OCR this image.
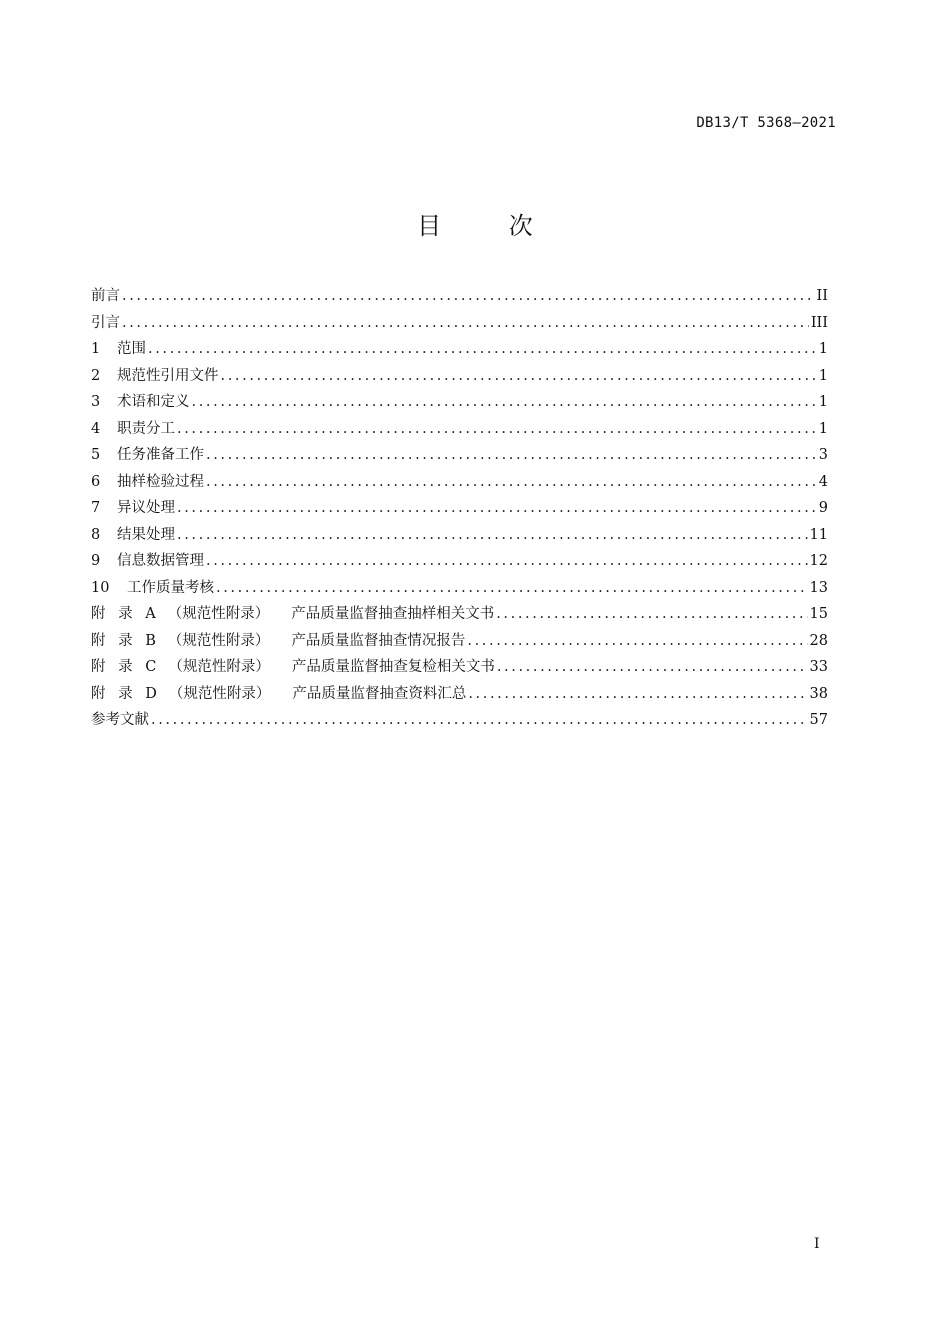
DB13/T 5368—2021
目 次
前言 .....	II
引言 .....	III
1	范围 .....	1
2	规范性引用文件 .....	1
3	术语和定义 .....	1
4	职责分工 .....	1
5	任务准备工作 .....	3
6	抽样检验过程 .....	4
7	异议处理 .....	9
8	结果处理 .....	11
9	信息数据管理 .....	12
10	工作质量考核 .....	13
附 录 A （规范性附录） 产品质量监督抽查抽样相关文书 .....	15
附 录 B （规范性附录） 产品质量监督抽查情况报告 .....	28
附 录 C （规范性附录） 产品质量监督抽查复检相关文书 .....	33
附 录 D （规范性附录） 产品质量监督抽查资料汇总 .....	38
参考文献 .....	57
I
